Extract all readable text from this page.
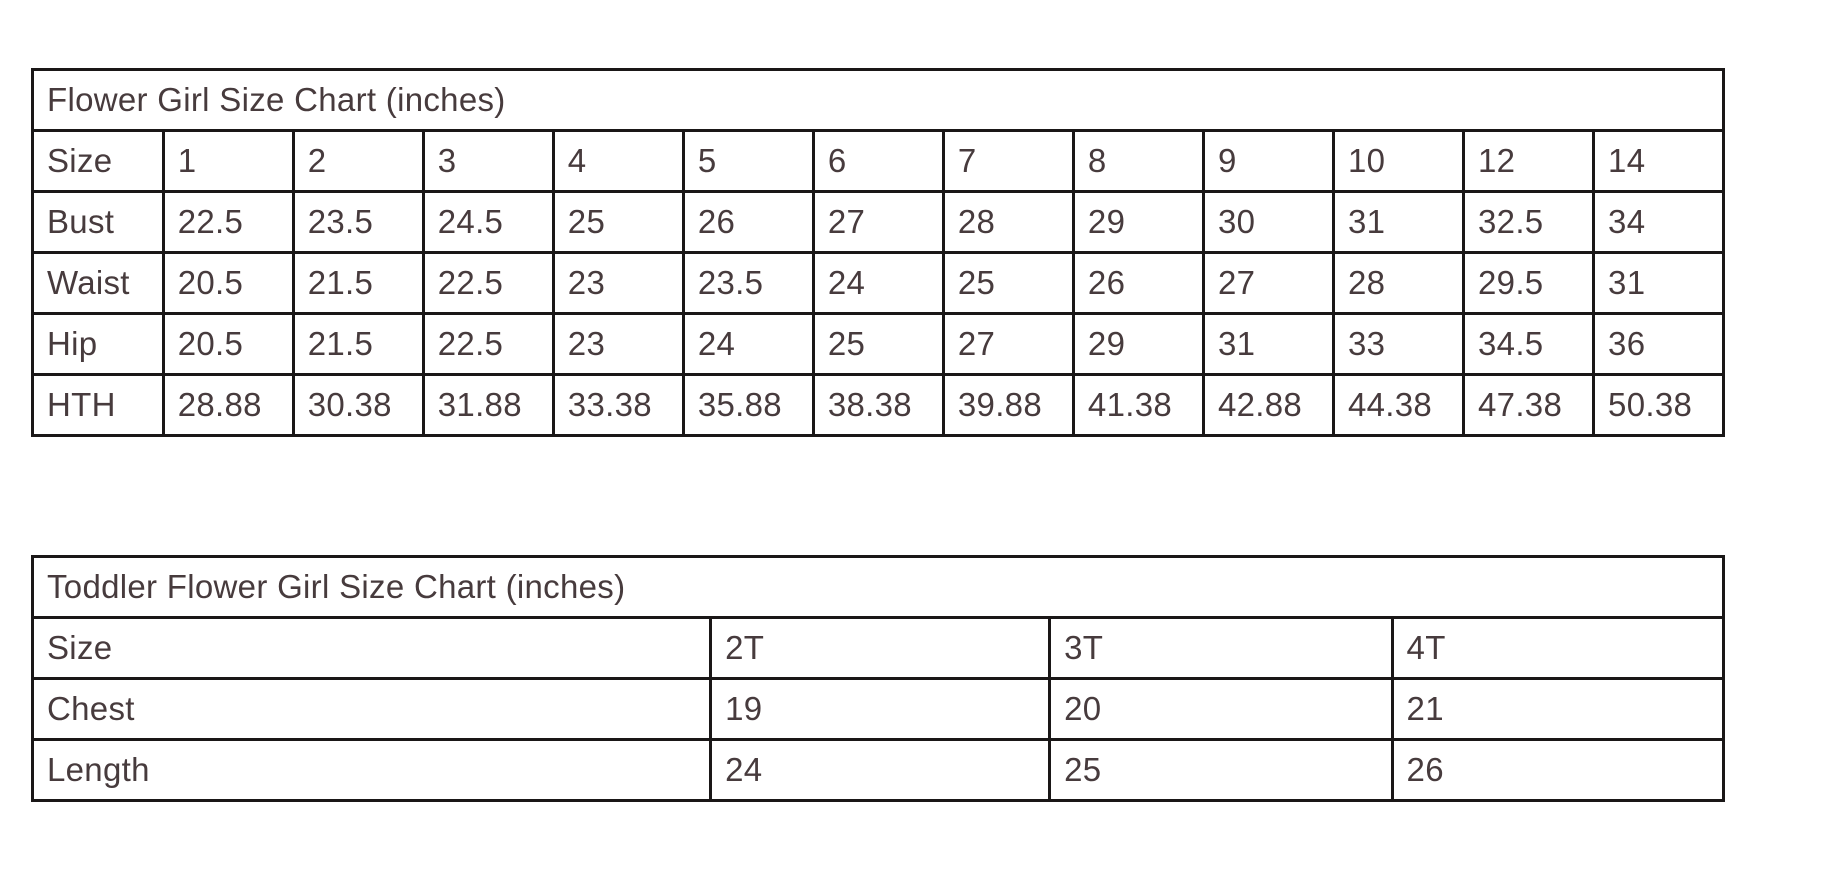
Flower Girl Size Chart (inches)												
Size	1	2	3	4	5	6	7	8	9	10	12	14
Bust	22.5	23.5	24.5	25	26	27	28	29	30	31	32.5	34
Waist	20.5	21.5	22.5	23	23.5	24	25	26	27	28	29.5	31
Hip	20.5	21.5	22.5	23	24	25	27	29	31	33	34.5	36
HTH	28.88	30.38	31.88	33.38	35.88	38.38	39.88	41.38	42.88	44.38	47.38	50.38
Toddler Flower Girl Size Chart (inches)			
Size	2T	3T	4T
Chest	19	20	21
Length	24	25	26
